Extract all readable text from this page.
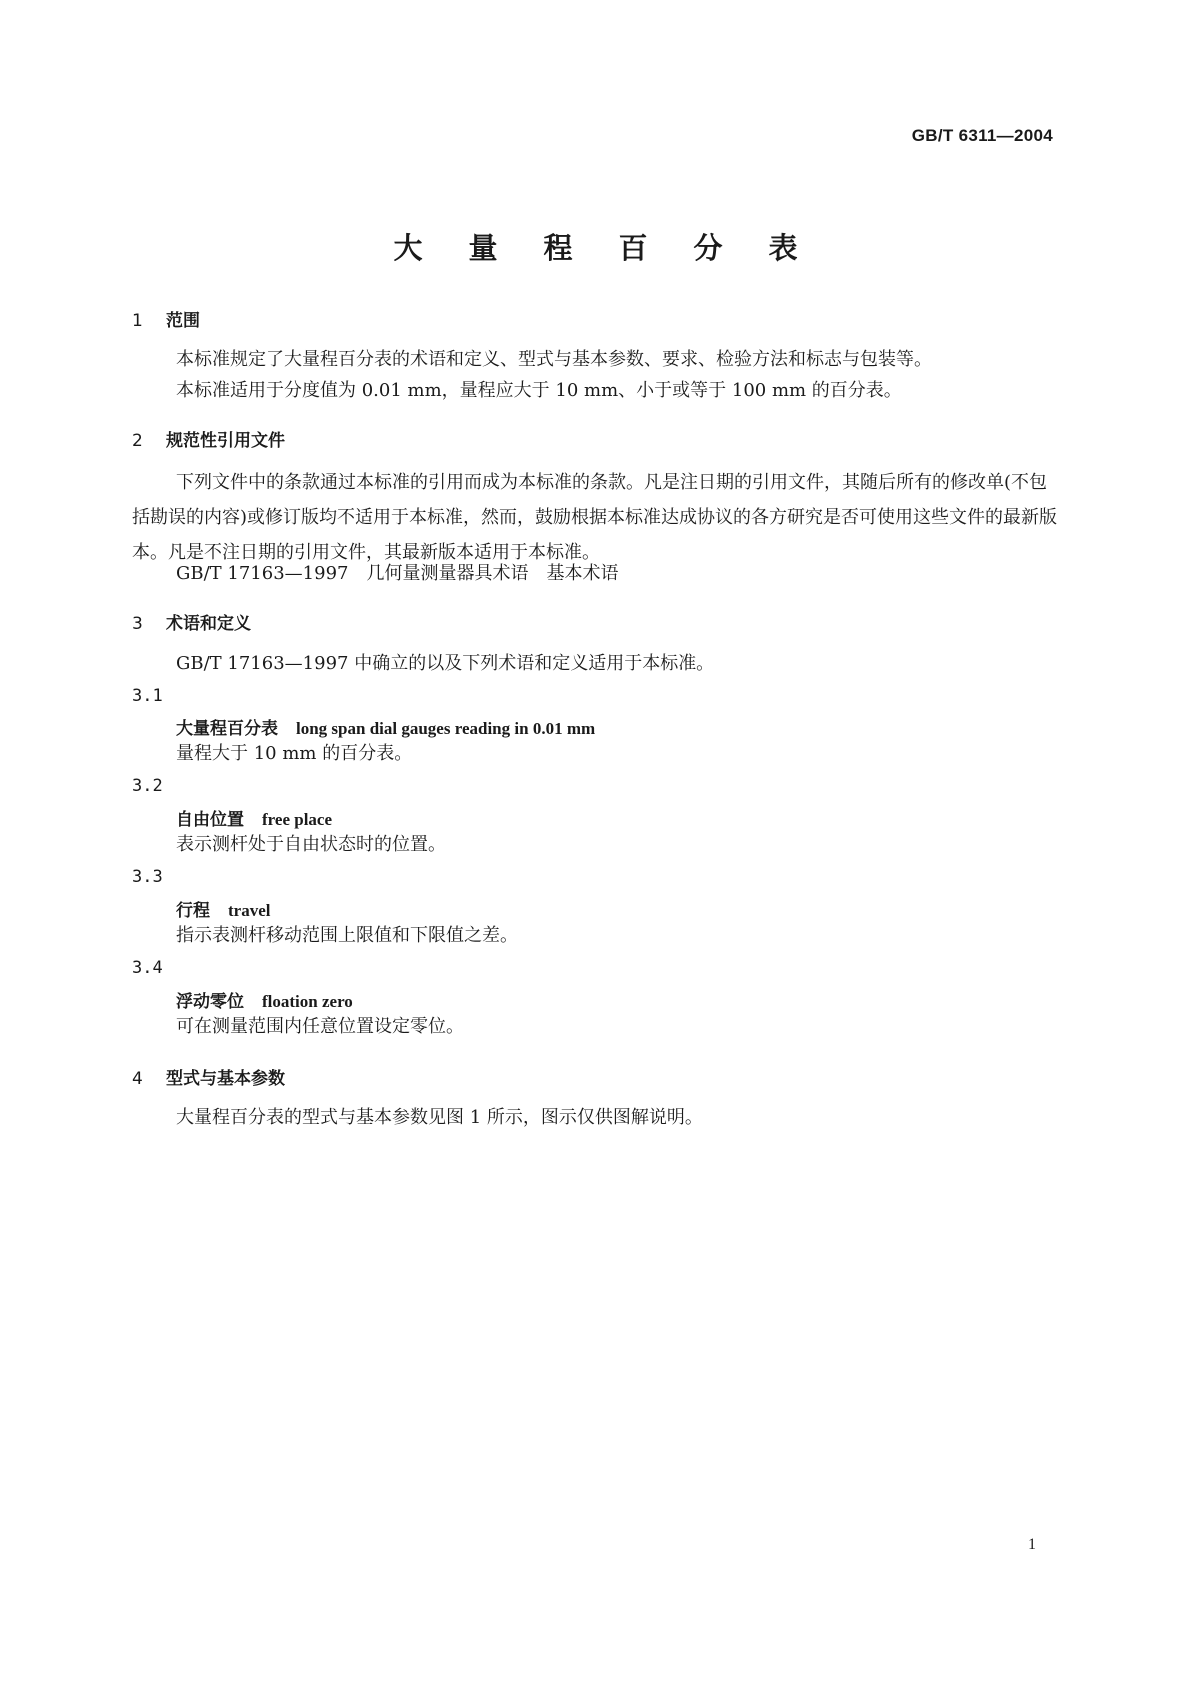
GB/T 6311—2004
大量程百分表
1 范围
本标准规定了大量程百分表的术语和定义、型式与基本参数、要求、检验方法和标志与包装等。
本标准适用于分度值为 0.01 mm，量程应大于 10 mm、小于或等于 100 mm 的百分表。
2 规范性引用文件
下列文件中的条款通过本标准的引用而成为本标准的条款。凡是注日期的引用文件，其随后所有的修改单(不包括勘误的内容)或修订版均不适用于本标准，然而，鼓励根据本标准达成协议的各方研究是否可使用这些文件的最新版本。凡是不注日期的引用文件，其最新版本适用于本标准。
GB/T 17163—1997　几何量测量器具术语　基本术语
3 术语和定义
GB/T 17163—1997 中确立的以及下列术语和定义适用于本标准。
3.1
大量程百分表 long span dial gauges reading in 0.01 mm
量程大于 10 mm 的百分表。
3.2
自由位置 free place
表示测杆处于自由状态时的位置。
3.3
行程 travel
指示表测杆移动范围上限值和下限值之差。
3.4
浮动零位 floation zero
可在测量范围内任意位置设定零位。
4 型式与基本参数
大量程百分表的型式与基本参数见图 1 所示，图示仅供图解说明。
1
